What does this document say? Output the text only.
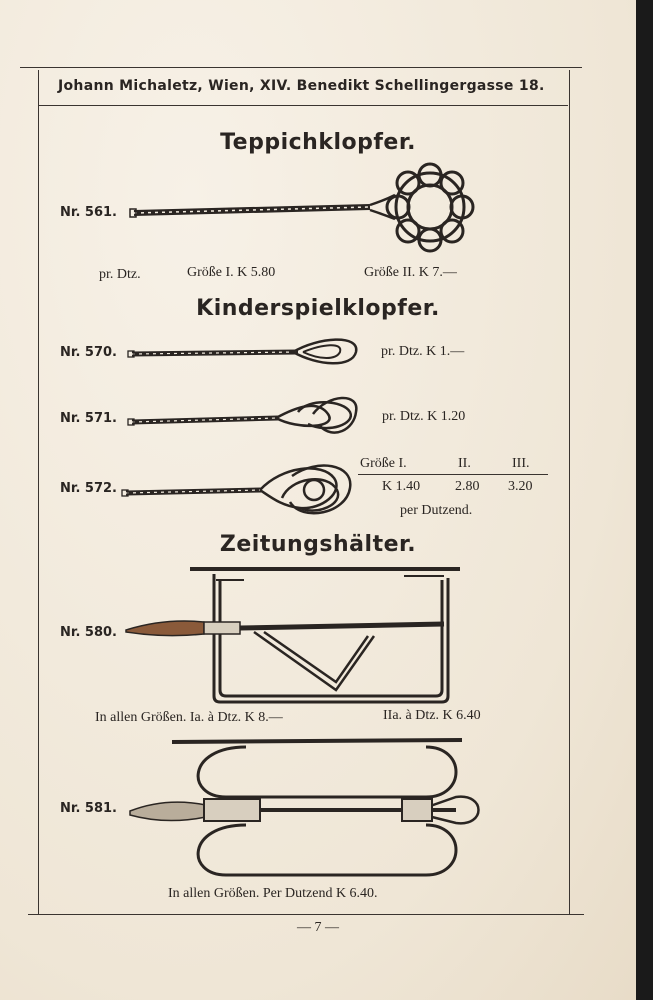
Johann Michaletz, Wien, XIV. Benedikt Schellingergasse 18.
Teppichklopfer.
Nr. 561.
pr. Dtz.	Größe I. K 5.80	Größe II. K 7.—
Kinderspielklopfer.
Nr. 570.	pr. Dtz. K 1.—
Nr. 571.	pr. Dtz. K 1.20
Nr. 572.
Größe I.	II.	III.
K 1.40 2.80 3.20
per Dutzend.
Zeitungshälter.
Nr. 580.
In allen Größen. Ia. à Dtz. K 8.—	IIa. à Dtz. K 6.40
Nr. 581.
In allen Größen. Per Dutzend K 6.40.
— 7 —
